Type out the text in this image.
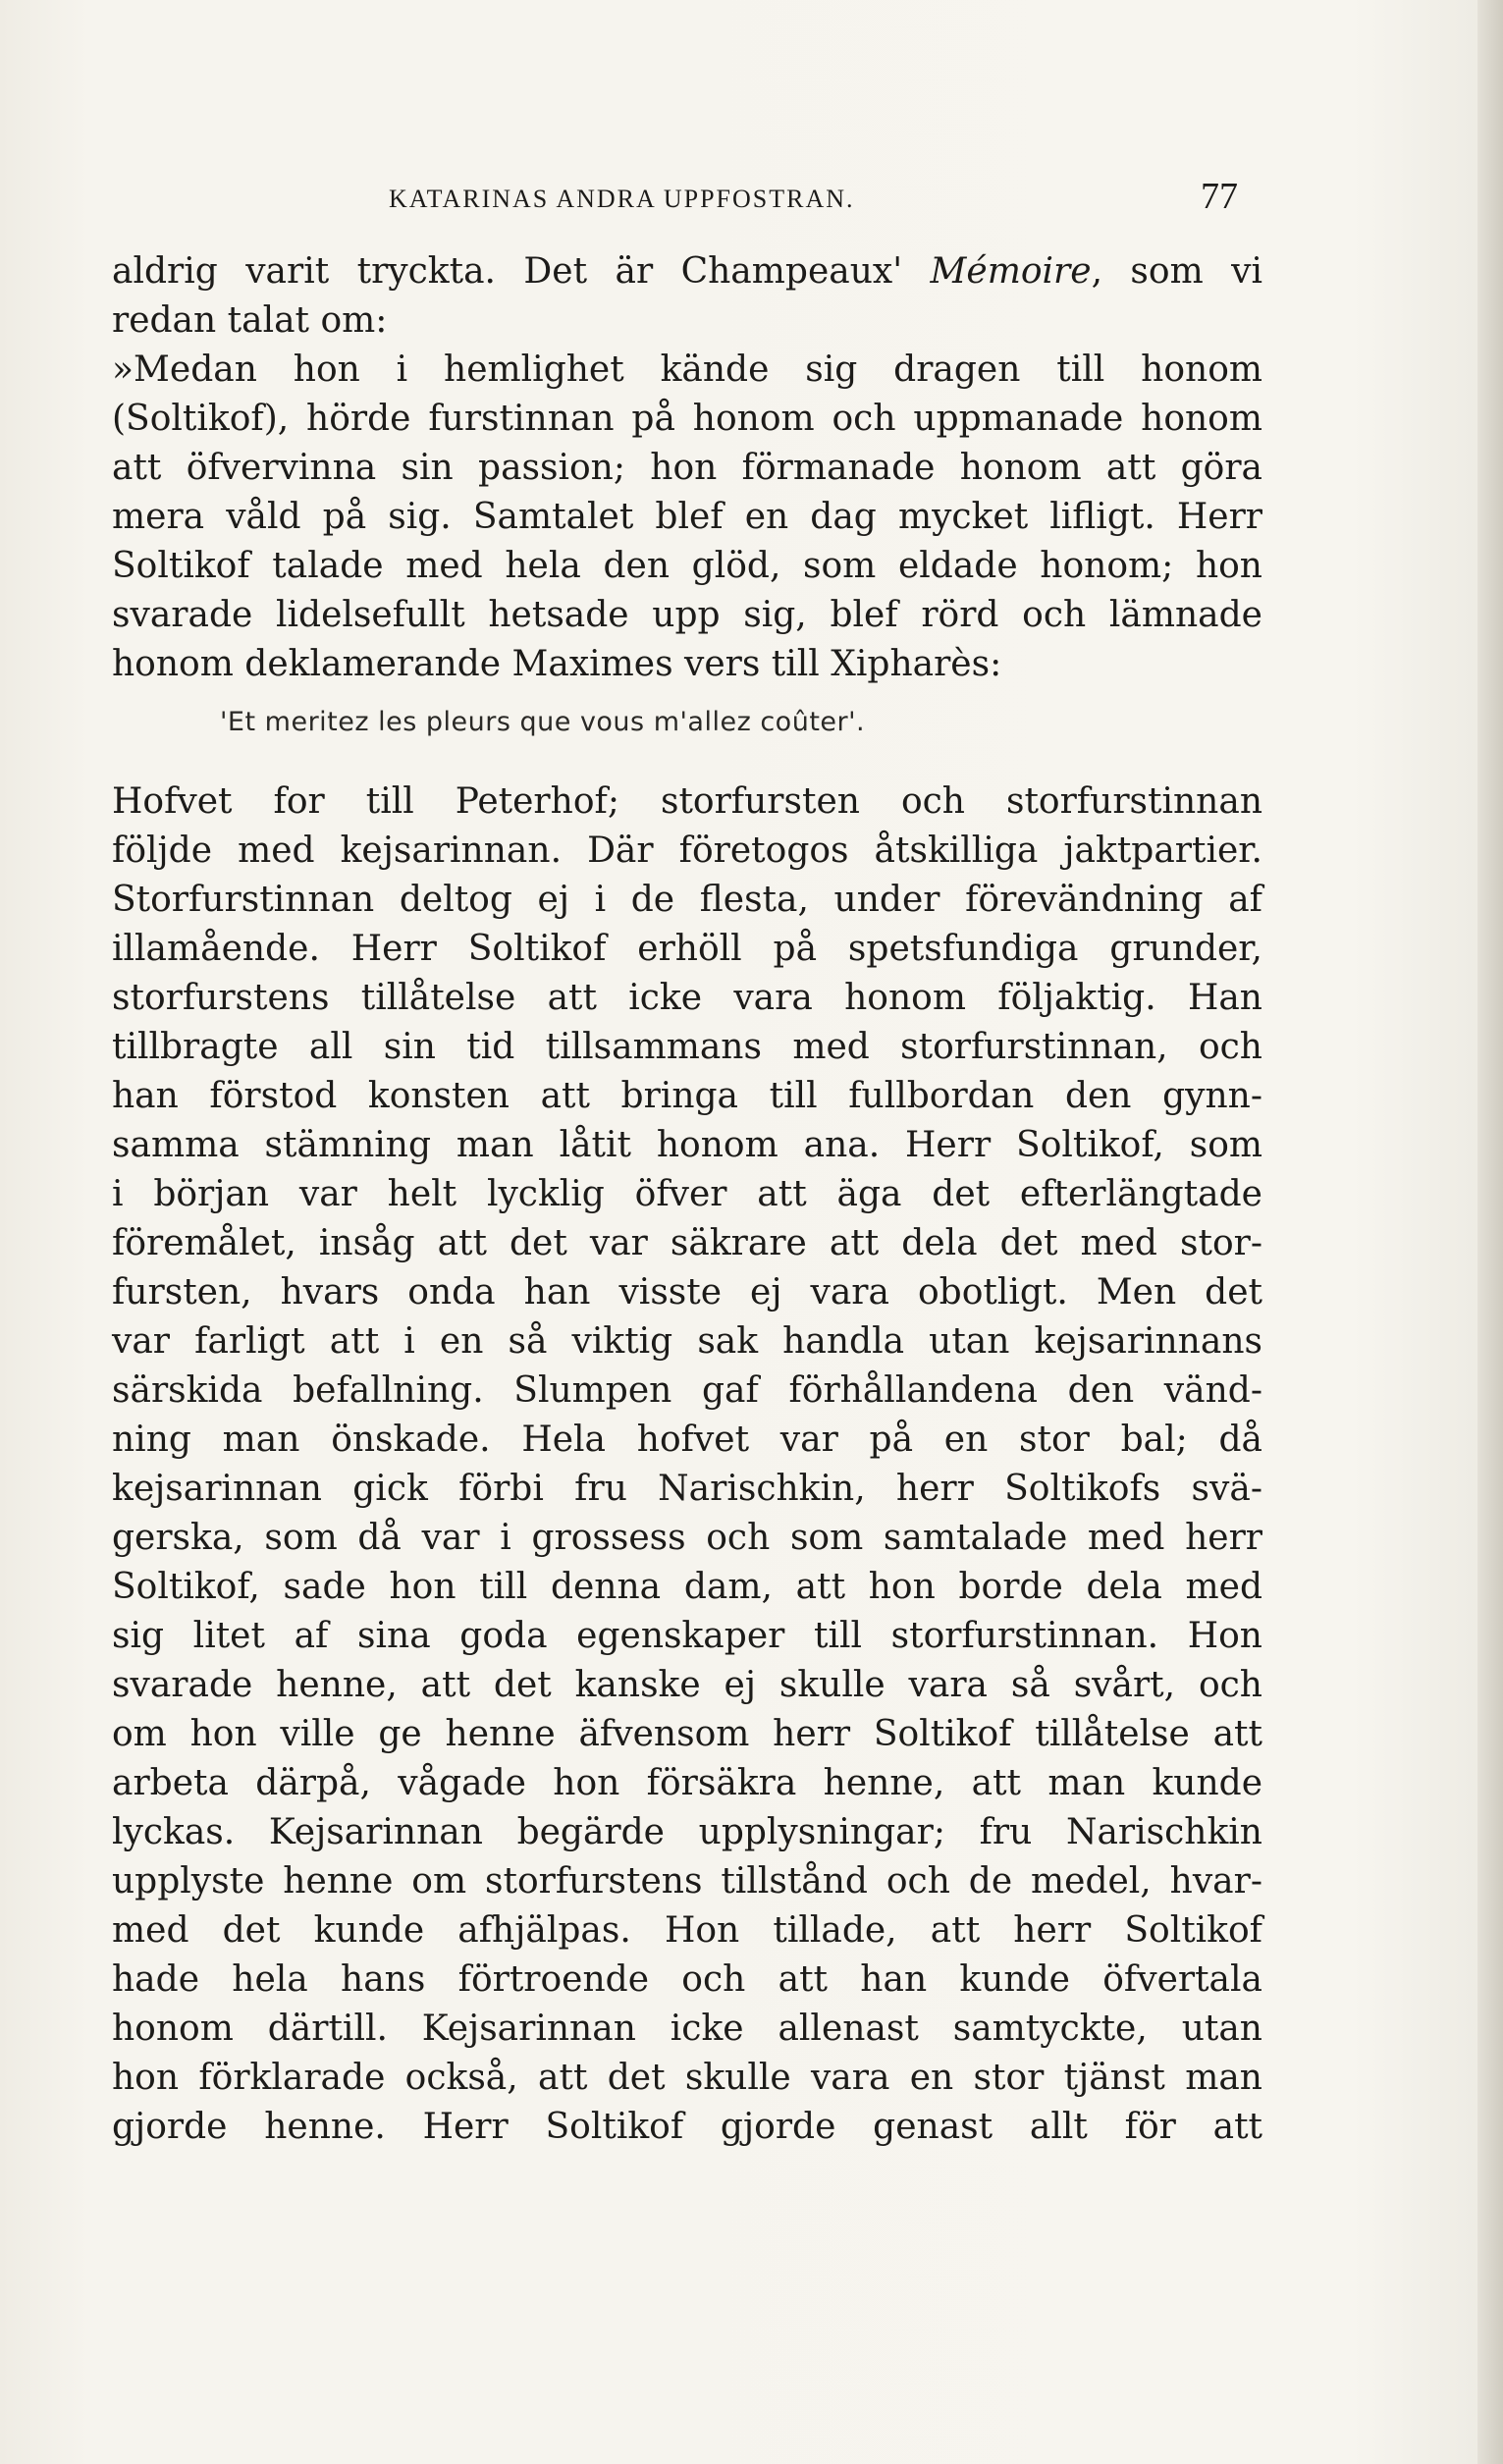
KATARINAS ANDRA UPPFOSTRAN.	77
aldrig varit tryckta. Det är Champeaux' Mémoire, som vi
redan talat om:
»Medan hon i hemlighet kände sig dragen till honom
(Soltikof), hörde furstinnan på honom och uppmanade honom
att öfvervinna sin passion; hon förmanade honom att göra
mera våld på sig. Samtalet blef en dag mycket lifligt. Herr
Soltikof talade med hela den glöd, som eldade honom; hon
svarade lidelsefullt hetsade upp sig, blef rörd och lämnade
honom deklamerande Maximes vers till Xipharès:
'Et meritez les pleurs que vous m'allez coûter'.
Hofvet for till Peterhof; storfursten och storfurstinnan
följde med kejsarinnan. Där företogos åtskilliga jaktpartier.
Storfurstinnan deltog ej i de flesta, under förevändning af
illamående. Herr Soltikof erhöll på spetsfundiga grunder,
storfurstens tillåtelse att icke vara honom följaktig. Han
tillbragte all sin tid tillsammans med storfurstinnan, och
han förstod konsten att bringa till fullbordan den gynn-
samma stämning man låtit honom ana. Herr Soltikof, som
i början var helt lycklig öfver att äga det efterlängtade
föremålet, insåg att det var säkrare att dela det med stor-
fursten, hvars onda han visste ej vara obotligt. Men det
var farligt att i en så viktig sak handla utan kejsarinnans
särskida befallning. Slumpen gaf förhållandena den vänd-
ning man önskade. Hela hofvet var på en stor bal; då
kejsarinnan gick förbi fru Narischkin, herr Soltikofs svä-
gerska, som då var i grossess och som samtalade med herr
Soltikof, sade hon till denna dam, att hon borde dela med
sig litet af sina goda egenskaper till storfurstinnan. Hon
svarade henne, att det kanske ej skulle vara så svårt, och
om hon ville ge henne äfvensom herr Soltikof tillåtelse att
arbeta därpå, vågade hon försäkra henne, att man kunde
lyckas. Kejsarinnan begärde upplysningar; fru Narischkin
upplyste henne om storfurstens tillstånd och de medel, hvar-
med det kunde afhjälpas. Hon tillade, att herr Soltikof
hade hela hans förtroende och att han kunde öfvertala
honom därtill. Kejsarinnan icke allenast samtyckte, utan
hon förklarade också, att det skulle vara en stor tjänst man
gjorde henne. Herr Soltikof gjorde genast allt för att
